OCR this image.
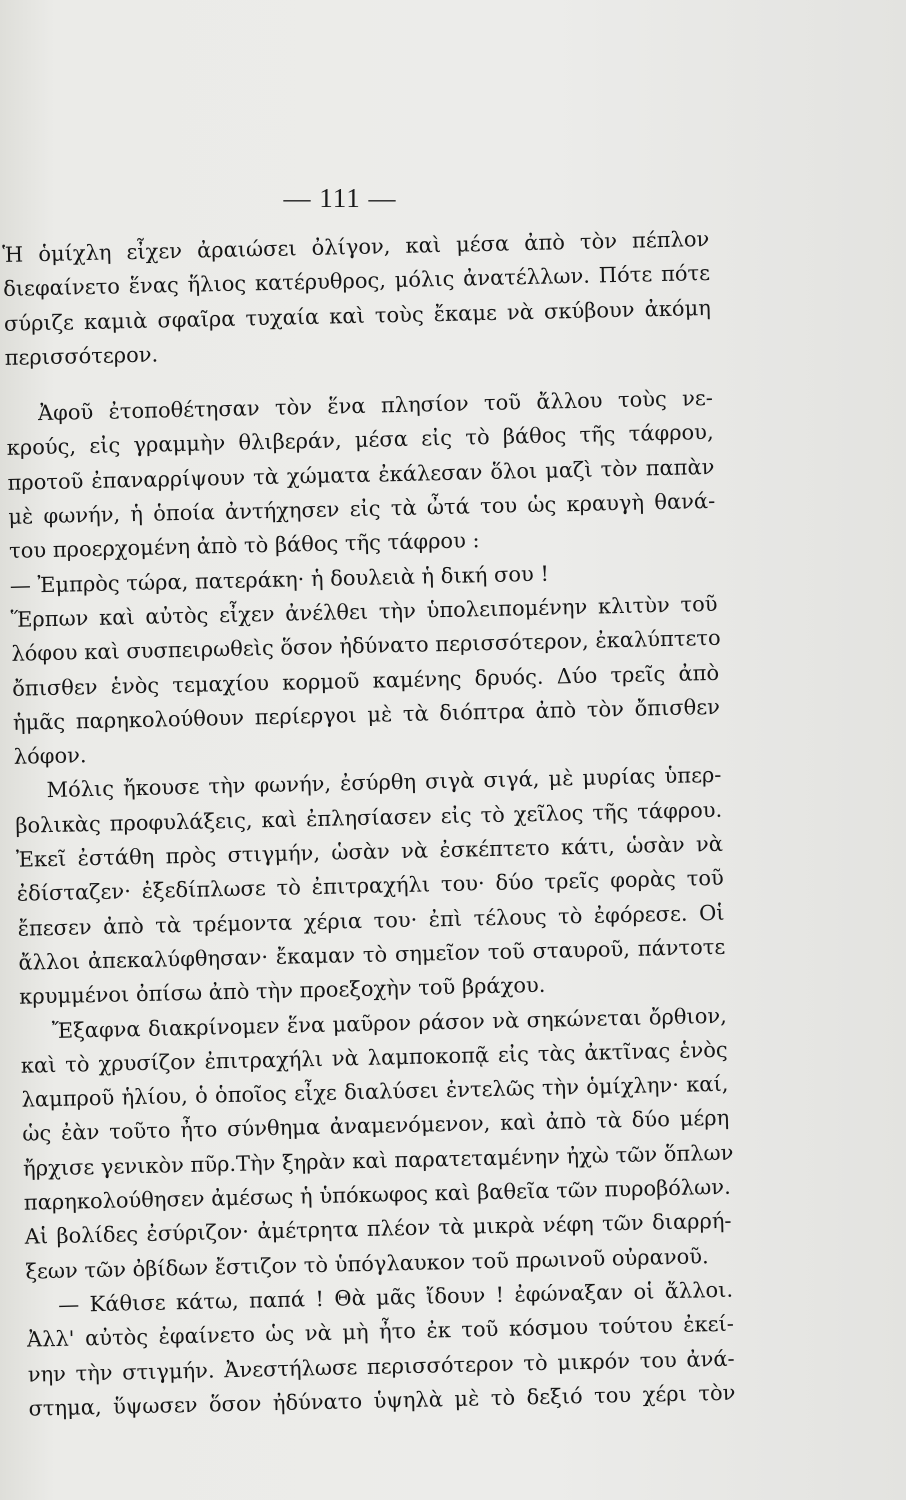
— 111 —
Ἡ ὁμίχλη εἶχεν ἀραιώσει ὀλίγον, καὶ μέσα ἀπὸ τὸν πέπλον
διεφαίνετο ἕνας ἥλιος κατέρυθρος, μόλις ἀνατέλλων. Πότε πότε
σύριζε καμιὰ σφαῖρα τυχαία καὶ τοὺς ἔκαμε νὰ σκύβουν ἀκόμη
περισσότερον.
Ἀφοῦ ἐτοποθέτησαν τὸν ἕνα πλησίον τοῦ ἄλλου τοὺς νε-
κρούς, εἰς γραμμὴν θλιβεράν, μέσα εἰς τὸ βάθος τῆς τάφρου,
προτοῦ ἐπαναρρίψουν τὰ χώματα ἐκάλεσαν ὅλοι μαζὶ τὸν παπὰν
μὲ φωνήν, ἡ ὁποία ἀντήχησεν εἰς τὰ ὦτά του ὡς κραυγὴ θανά-
του προερχομένη ἀπὸ τὸ βάθος τῆς τάφρου :
— Ἐμπρὸς τώρα, πατεράκη· ἡ δουλειὰ ἡ δική σου !
Ἕρπων καὶ αὐτὸς εἶχεν ἀνέλθει τὴν ὑπολειπομένην κλιτὺν τοῦ
λόφου καὶ συσπειρωθεὶς ὅσον ἠδύνατο περισσότερον, ἐκαλύπτετο
ὄπισθεν ἑνὸς τεμαχίου κορμοῦ καμένης δρυός. Δύο τρεῖς ἀπὸ
ἡμᾶς παρηκολούθουν περίεργοι μὲ τὰ διόπτρα ἀπὸ τὸν ὄπισθεν
λόφον.
Μόλις ἤκουσε τὴν φωνήν, ἐσύρθη σιγὰ σιγά, μὲ μυρίας ὑπερ-
βολικὰς προφυλάξεις, καὶ ἐπλησίασεν εἰς τὸ χεῖλος τῆς τάφρου.
Ἐκεῖ ἐστάθη πρὸς στιγμήν, ὡσὰν νὰ ἐσκέπτετο κάτι, ὡσὰν νὰ
ἐδίσταζεν· ἐξεδίπλωσε τὸ ἐπιτραχήλι του· δύο τρεῖς φορὰς τοῦ
ἔπεσεν ἀπὸ τὰ τρέμοντα χέρια του· ἐπὶ τέλους τὸ ἐφόρεσε. Οἱ
ἄλλοι ἀπεκαλύφθησαν· ἔκαμαν τὸ σημεῖον τοῦ σταυροῦ, πάντοτε
κρυμμένοι ὀπίσω ἀπὸ τὴν προεξοχὴν τοῦ βράχου.
Ἔξαφνα διακρίνομεν ἕνα μαῦρον ράσον νὰ σηκώνεται ὄρθιον,
καὶ τὸ χρυσίζον ἐπιτραχήλι νὰ λαμποκοπᾷ εἰς τὰς ἀκτῖνας ἑνὸς
λαμπροῦ ἡλίου, ὁ ὁποῖος εἶχε διαλύσει ἐντελῶς τὴν ὁμίχλην· καί,
ὡς ἐὰν τοῦτο ἦτο σύνθημα ἀναμενόμενον, καὶ ἀπὸ τὰ δύο μέρη
ἤρχισε γενικὸν πῦρ.Τὴν ξηρὰν καὶ παρατεταμένην ἠχὼ τῶν ὅπλων
παρηκολούθησεν ἀμέσως ἡ ὑπόκωφος καὶ βαθεῖα τῶν πυροβόλων.
Αἱ βολίδες ἐσύριζον· ἀμέτρητα πλέον τὰ μικρὰ νέφη τῶν διαρρή-
ξεων τῶν ὀβίδων ἔστιζον τὸ ὑπόγλαυκον τοῦ πρωινοῦ οὐρανοῦ.
— Κάθισε κάτω, παπά ! Θὰ μᾶς ἴδουν ! ἐφώναξαν οἱ ἄλλοι.
Ἀλλ' αὐτὸς ἐφαίνετο ὡς νὰ μὴ ἦτο ἐκ τοῦ κόσμου τούτου ἐκεί-
νην τὴν στιγμήν. Ἀνεστήλωσε περισσότερον τὸ μικρόν του ἀνά-
στημα, ὕψωσεν ὅσον ἠδύνατο ὑψηλὰ μὲ τὸ δεξιό του χέρι τὸν
